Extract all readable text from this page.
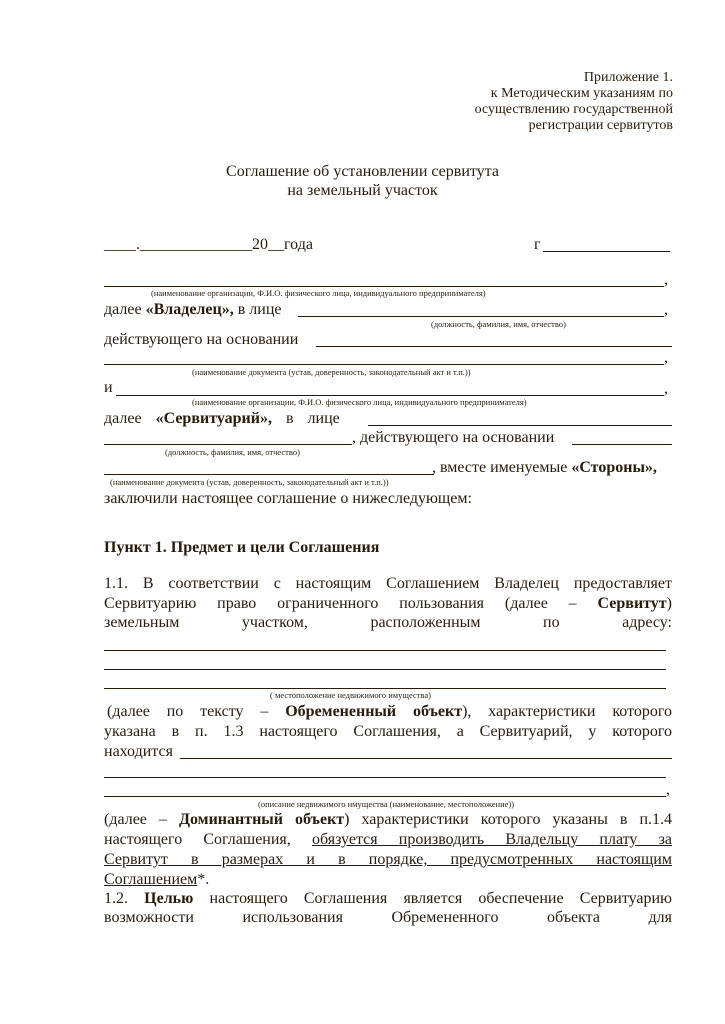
Приложение 1.
к Методическим указаниям по
осуществлению государственной
регистрации сервитутов
Соглашение об установлении сервитута
на земельный участок
____.______________20__года	г
,
(наименование организации, Ф.И.О. физического лица, индивидуального предпринимателя)
далее «Владелец», в лице	,
(должность, фамилия, имя, отчество)
действующего на основании
,
(наименование документа (устав, доверенность, законодательный акт и т.п.))
и	,
(наименование организации, Ф.И.О. физического лица, индивидуального предпринимателя)
далее «Сервитуарий», в лице
, действующего на основании
(должность, фамилия, имя, отчество)
, вместе именуемые «Стороны»,
(наименование документа (устав, доверенность, законодательный акт и т.п.))
заключили настоящее соглашение о нижеследующем:
Пункт 1. Предмет и цели Соглашения
1.1. В соответствии с настоящим Соглашением Владелец предоставляет
Сервитуарию право ограниченного пользования (далее – Сервитут)
земельным участком, расположенным по адресу:
( местоположение недвижимого имущества)
(далее по тексту – Обремененный объект), характеристики которого
указана в п. 1.3 настоящего Соглашения, а Сервитуарий, у которого
находится
,
(описание недвижимого имущества (наименование, местоположение))
(далее – Доминантный объект) характеристики которого указаны в п.1.4
настоящего Соглашения, обязуется производить Владельцу плату за
Сервитут в размерах и в порядке, предусмотренных настоящим
Соглашением*.
1.2. Целью настоящего Соглашения является обеспечение Сервитуарию
возможности использования Обремененного объекта для
